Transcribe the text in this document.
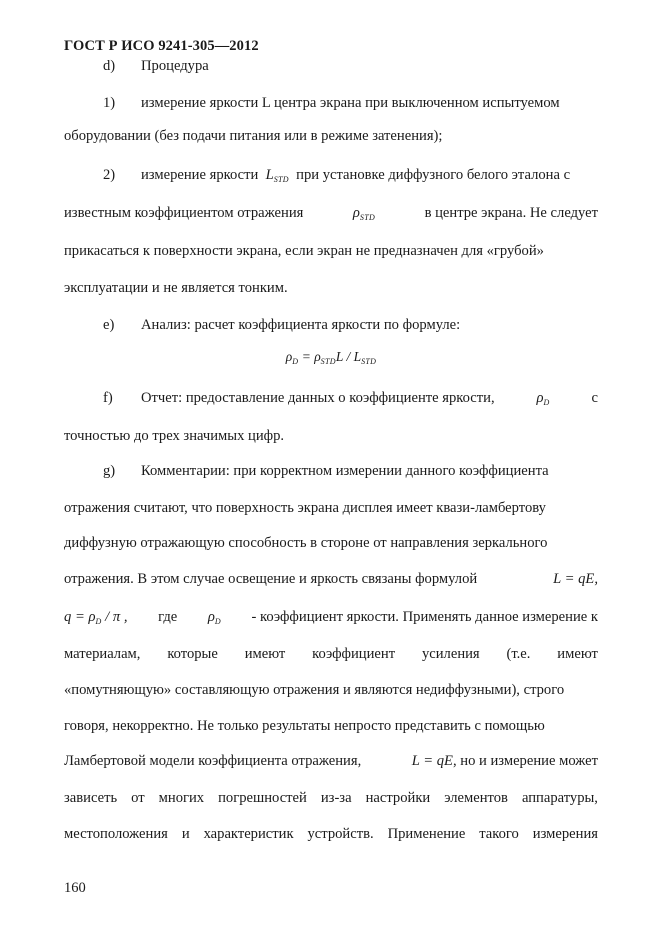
ГОСТ Р ИСО 9241-305—2012
d) Процедура
1) измерение яркости L центра экрана при выключенном испытуемом
оборудовании (без подачи питания или в режиме затенения);
2) измерение яркости $L_{STD}$ при установке диффузного белого эталона с
известным коэффициентом отражения	$\rho_{STD}$	в центре экрана. Не следует
прикасаться к поверхности экрана, если экран не предназначен для «грубой»
эксплуатации и не является тонким.
e) Анализ: расчет коэффициента яркости по формуле:
$\rho_D = \rho_{STD}L / L_{STD}$
f) Отчет: предоставление данных о коэффициенте яркости,	$\rho_D$	с
точностью до трех значимых цифр.
g) Комментарии: при корректном измерении данного коэффициента
отражения считают, что поверхность экрана дисплея имеет квази-ламбертову
диффузную отражающую способность в стороне от направления зеркального
отражения. В этом случае освещение и яркость связаны формулой	L = qE,
$q = \rho_D / \pi$ , где $\rho_D$ - коэффициент яркости. Применять данное измерение к
материалам, которые имеют коэффициент усиления (т.е. имеют
«помутняющую» составляющую отражения и являются недиффузными), строго
говоря, некорректно. Не только результаты непросто представить с помощью
Ламбертовой модели коэффициента отражения,	L = qE, но и измерение может
зависеть от многих погрешностей из-за настройки элементов аппаратуры,
местоположения и характеристик устройств. Применение такого измерения
160
